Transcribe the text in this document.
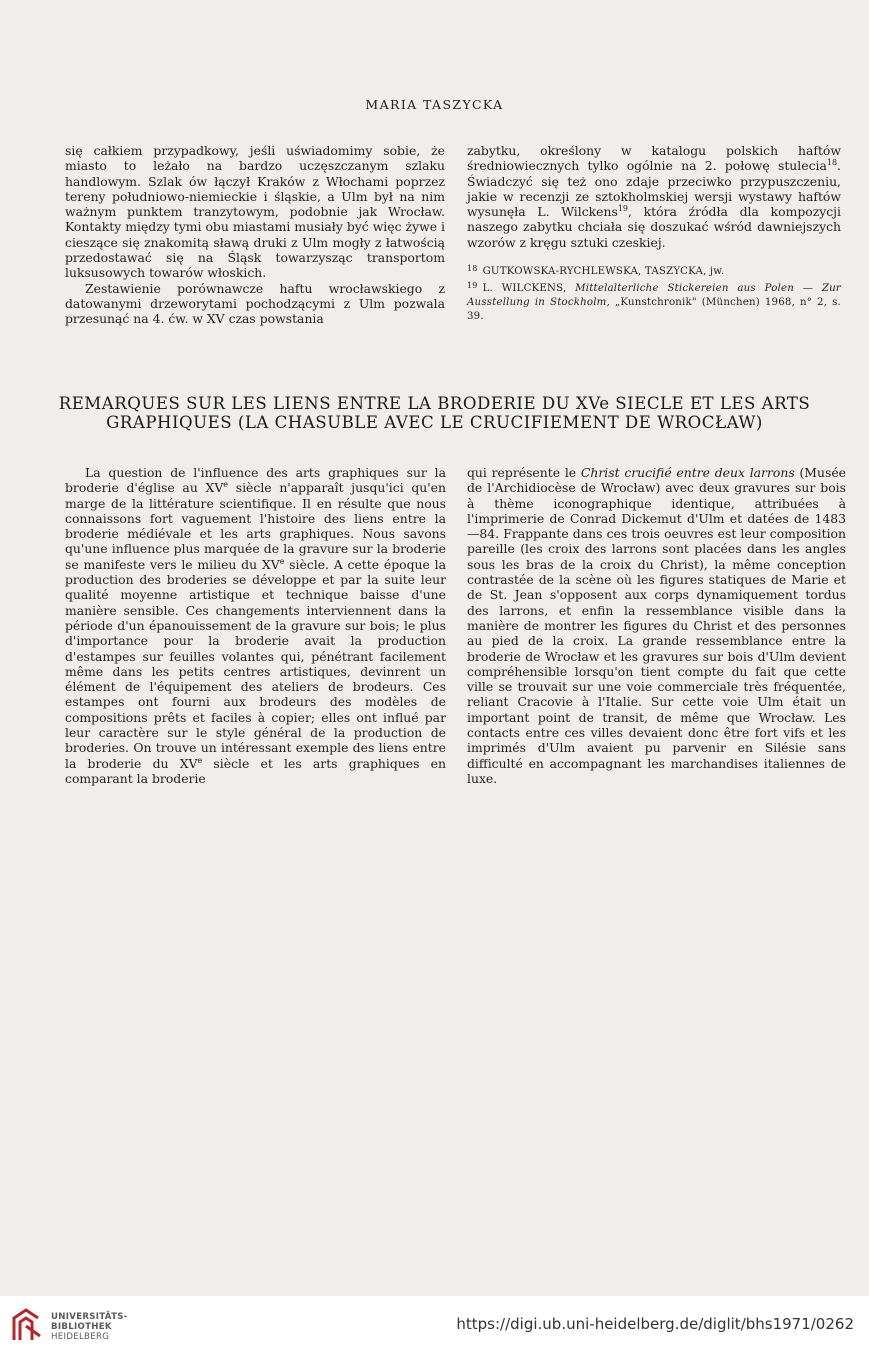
MARIA TASZYCKA

się całkiem przypadkowy, jeśli uświadomimy sobie, że miasto to leżało na bardzo uczęszczanym szlaku handlowym. Szlak ów łączył Kraków z Włochami poprzez tereny południowo-niemieckie i śląskie, a Ulm był na nim ważnym punktem tranzytowym, podobnie jak Wrocław. Kontakty między tymi obu miastami musiały być więc żywe i cieszące się znakomitą sławą druki z Ulm mogły z łatwością przedostawać się na Śląsk towarzysząc transportom luksusowych towarów włoskich.

Zestawienie porównawcze haftu wrocławskiego z datowanymi drzeworytami pochodzącymi z Ulm pozwala przesunąć na 4. ćw. w XV czas powstania

zabytku, określony w katalogu polskich haftów średniowiecznych tylko ogólnie na 2. połowę stulecia$^{18}$. Świadczyć się też ono zdaje przeciwko przypuszczeniu, jakie w recenzji ze sztokholmskiej wersji wystawy haftów wysunęła L. Wilckens$^{19}$, która źródła dla kompozycji naszego zabytku chciała się doszukać wśród dawniejszych wzorów z kręgu sztuki czeskiej.

$^{18}$ GUTKOWSKA-RYCHLEWSKA, TASZYCKA, jw.

$^{19}$ L. WILCKENS, Mittelalterliche Stickereien aus Polen — Zur Ausstellung in Stockholm, „Kunstchronik" (München) 1968, n° 2, s. 39.

REMARQUES SUR LES LIENS ENTRE LA BRODERIE DU XVe SIECLE ET LES ARTS
GRAPHIQUES (LA CHASUBLE AVEC LE CRUCIFIEMENT DE WROCŁAW)

La question de l'influence des arts graphiques sur la broderie d'église au XVe siècle n'apparaît jusqu'ici qu'en marge de la littérature scientifique. Il en résulte que nous connaissons fort vaguement l'histoire des liens entre la broderie médiévale et les arts graphiques. Nous savons qu'une influence plus marquée de la gravure sur la broderie se manifeste vers le milieu du XVe siècle. A cette époque la production des broderies se développe et par la suite leur qualité moyenne artistique et technique baisse d'une manière sensible. Ces changements interviennent dans la période d'un épanouissement de la gravure sur bois; le plus d'importance pour la broderie avait la production d'estampes sur feuilles volantes qui, pénétrant facilement même dans les petits centres artistiques, devinrent un élément de l'équipement des ateliers de brodeurs. Ces estampes ont fourni aux brodeurs des modèles de compositions prêts et faciles à copier; elles ont influé par leur caractère sur le style général de la production de broderies. On trouve un intéressant exemple des liens entre la broderie du XVe siècle et les arts graphiques en comparant la broderie

qui représente le Christ crucifié entre deux larrons (Musée de l'Archidiocèse de Wrocław) avec deux gravures sur bois à thème iconographique identique, attribuées à l'imprimerie de Conrad Dickemut d'Ulm et datées de 1483—84. Frappante dans ces trois oeuvres est leur composition pareille (les croix des larrons sont placées dans les angles sous les bras de la croix du Christ), la même conception contrastée de la scène où les figures statiques de Marie et de St. Jean s'opposent aux corps dynamiquement tordus des larrons, et enfin la ressemblance visible dans la manière de montrer les figures du Christ et des personnes au pied de la croix. La grande ressemblance entre la broderie de Wrocław et les gravures sur bois d'Ulm devient compréhensible lorsqu'on tient compte du fait que cette ville se trouvait sur une voie commerciale très fréquentée, reliant Cracovie à l'Italie. Sur cette voie Ulm était un important point de transit, de même que Wrocław. Les contacts entre ces villes devaient donc être fort vifs et les imprimés d'Ulm avaient pu parvenir en Silésie sans difficulté en accompagnant les marchandises italiennes de luxe.

UNIVERSITÄTS-
BIBLIOTHEK
HEIDELBERG
https://digi.ub.uni-heidelberg.de/diglit/bhs1971/0262
